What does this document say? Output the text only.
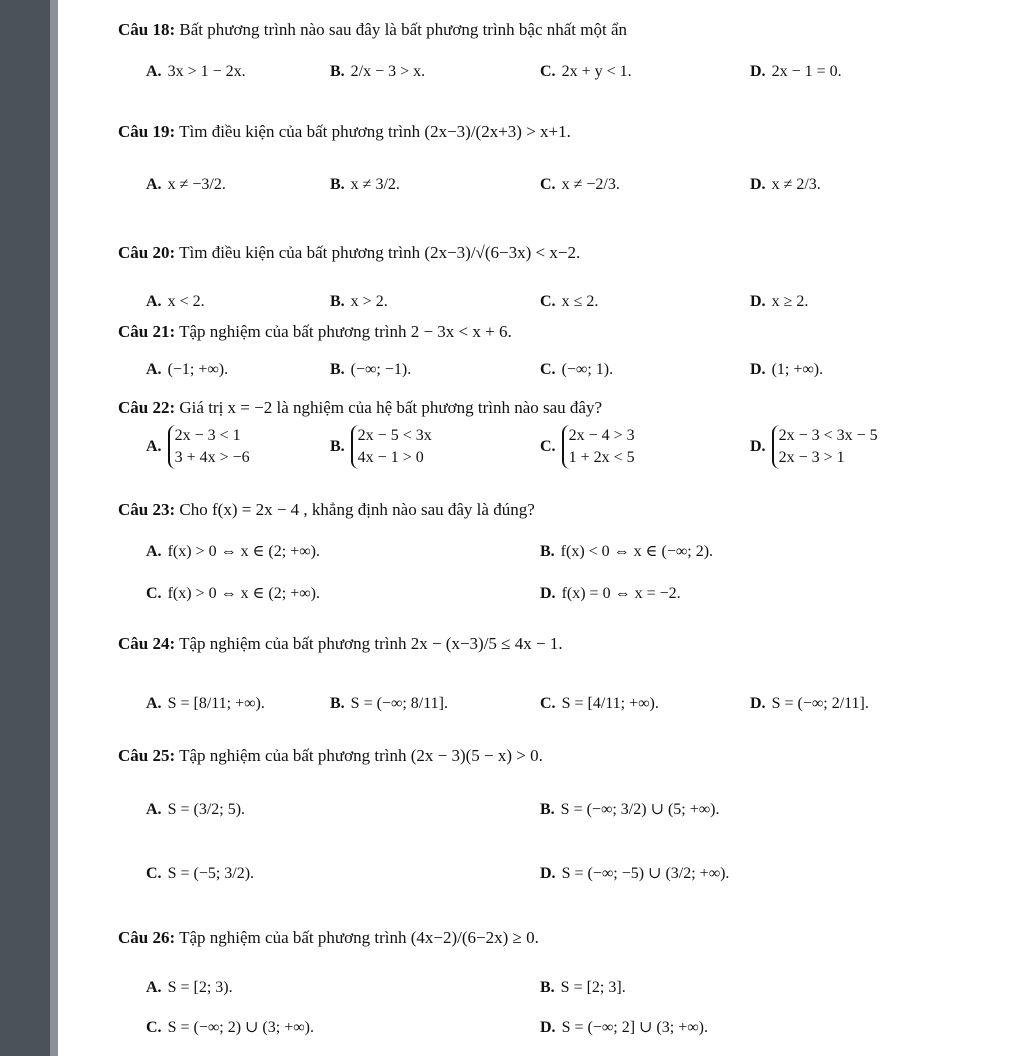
Câu 18: Bất phương trình nào sau đây là bất phương trình bậc nhất một ẩn
A. 3x > 1 − 2x.	B. 2/x − 3 > x.	C. 2x + y < 1.	D. 2x − 1 = 0.
Câu 19: Tìm điều kiện của bất phương trình (2x−3)/(2x+3) > x+1.
A. x ≠ −3/2.	B. x ≠ 3/2.	C. x ≠ −2/3.	D. x ≠ 2/3.
Câu 20: Tìm điều kiện của bất phương trình (2x−3)/√(6−3x) < x−2.
A. x < 2.	B. x > 2.	C. x ≤ 2.	D. x ≥ 2.
Câu 21: Tập nghiệm của bất phương trình 2 − 3x < x + 6.
A. (−1; +∞).	B. (−∞; −1).	C. (−∞; 1).	D. (1; +∞).
Câu 22: Giá trị x = −2 là nghiệm của hệ bất phương trình nào sau đây?
A.
2x − 3 < 1
3 + 4x > −6
B.
2x − 5 < 3x
4x − 1 > 0
C.
2x − 4 > 3
1 + 2x < 5
D.
2x − 3 < 3x − 5
2x − 3 > 1
Câu 23: Cho f(x) = 2x − 4 , khẳng định nào sau đây là đúng?
A. f(x) > 0 ⇔ x ∈ (2; +∞).	B. f(x) < 0 ⇔ x ∈ (−∞; 2).
C. f(x) > 0 ⇔ x ∈ (2; +∞).	D. f(x) = 0 ⇔ x = −2.
Câu 24: Tập nghiệm của bất phương trình 2x − (x−3)/5 ≤ 4x − 1.
A. S = [8/11; +∞).	B. S = (−∞; 8/11].	C. S = [4/11; +∞).	D. S = (−∞; 2/11].
Câu 25: Tập nghiệm của bất phương trình (2x − 3)(5 − x) > 0.
A. S = (3/2; 5).	B. S = (−∞; 3/2) ∪ (5; +∞).
C. S = (−5; 3/2).	D. S = (−∞; −5) ∪ (3/2; +∞).
Câu 26: Tập nghiệm của bất phương trình (4x−2)/(6−2x) ≥ 0.
A. S = [2; 3).	B. S = [2; 3].
C. S = (−∞; 2) ∪ (3; +∞).	D. S = (−∞; 2] ∪ (3; +∞).
